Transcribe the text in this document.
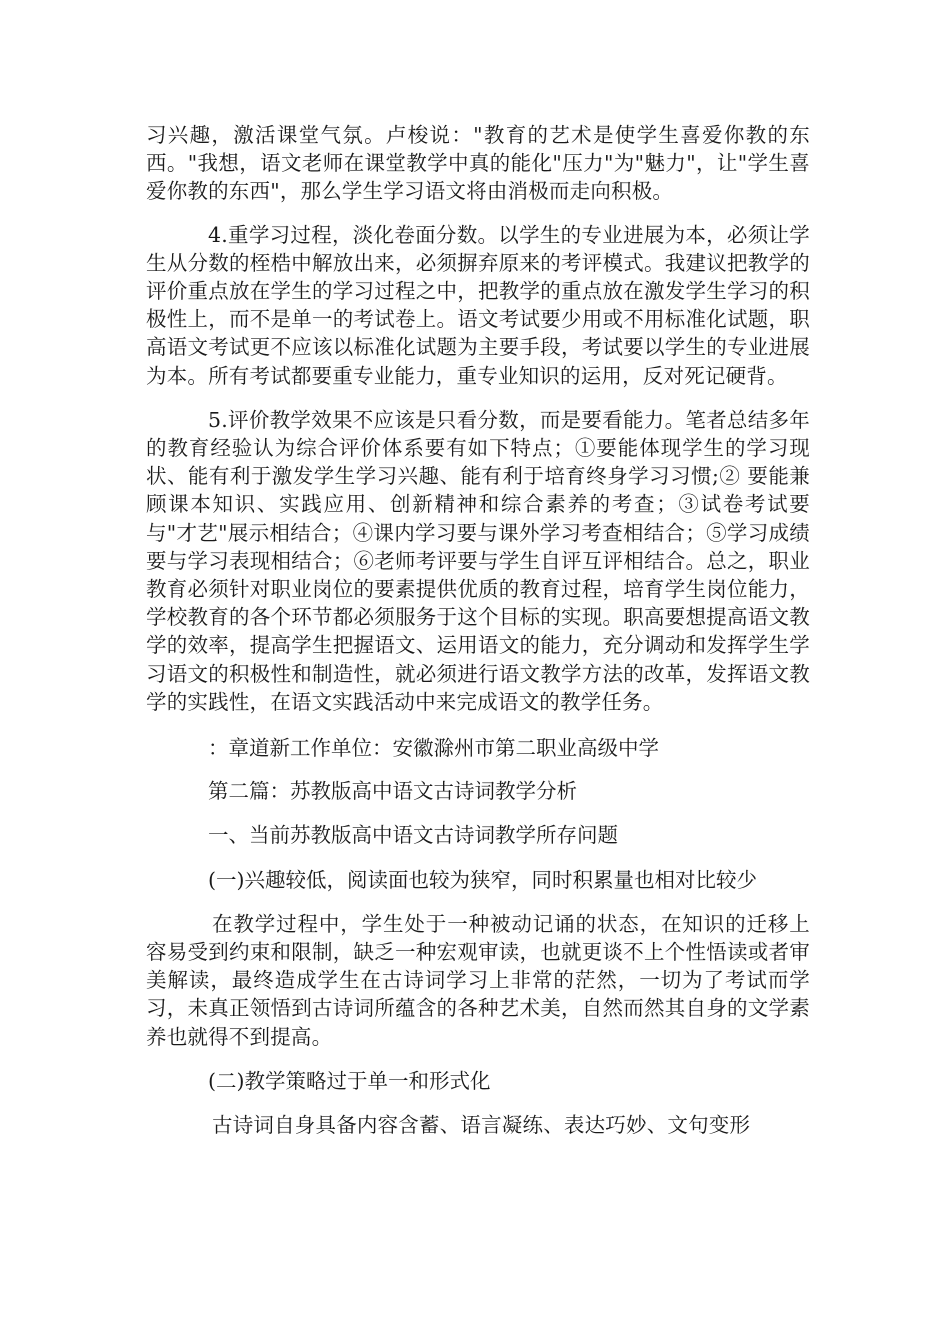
习兴趣，激活课堂气氛。卢梭说："教育的艺术是使学生喜爱你教的东西。"我想，语文老师在课堂教学中真的能化"压力"为"魅力"，让"学生喜爱你教的东西"，那么学生学习语文将由消极而走向积极。

4.重学习过程，淡化卷面分数。以学生的专业进展为本，必须让学生从分数的桎梏中解放出来，必须摒弃原来的考评模式。我建议把教学的评价重点放在学生的学习过程之中，把教学的重点放在激发学生学习的积极性上，而不是单一的考试卷上。语文考试要少用或不用标准化试题，职高语文考试更不应该以标准化试题为主要手段，考试要以学生的专业进展为本。所有考试都要重专业能力，重专业知识的运用，反对死记硬背。

5.评价教学效果不应该是只看分数，而是要看能力。笔者总结多年的教育经验认为综合评价体系要有如下特点；①要能体现学生的学习现状、能有利于激发学生学习兴趣、能有利于培育终身学习习惯;② 要能兼顾课本知识、实践应用、创新精神和综合素养的考查；③试卷考试要与"才艺"展示相结合；④课内学习要与课外学习考查相结合；⑤学习成绩要与学习表现相结合；⑥老师考评要与学生自评互评相结合。总之，职业教育必须针对职业岗位的要素提供优质的教育过程，培育学生岗位能力，学校教育的各个环节都必须服务于这个目标的实现。职高要想提高语文教学的效率，提高学生把握语文、运用语文的能力，充分调动和发挥学生学习语文的积极性和制造性，就必须进行语文教学方法的改革，发挥语文教学的实践性，在语文实践活动中来完成语文的教学任务。

：章道新工作单位：安徽滁州市第二职业高级中学

第二篇：苏教版高中语文古诗词教学分析

一、当前苏教版高中语文古诗词教学所存问题

(一)兴趣较低，阅读面也较为狭窄，同时积累量也相对比较少

在教学过程中，学生处于一种被动记诵的状态，在知识的迁移上容易受到约束和限制，缺乏一种宏观审读，也就更谈不上个性悟读或者审美解读，最终造成学生在古诗词学习上非常的茫然，一切为了考试而学习，未真正领悟到古诗词所蕴含的各种艺术美，自然而然其自身的文学素养也就得不到提高。

(二)教学策略过于单一和形式化

古诗词自身具备内容含蓄、语言凝练、表达巧妙、文句变形
